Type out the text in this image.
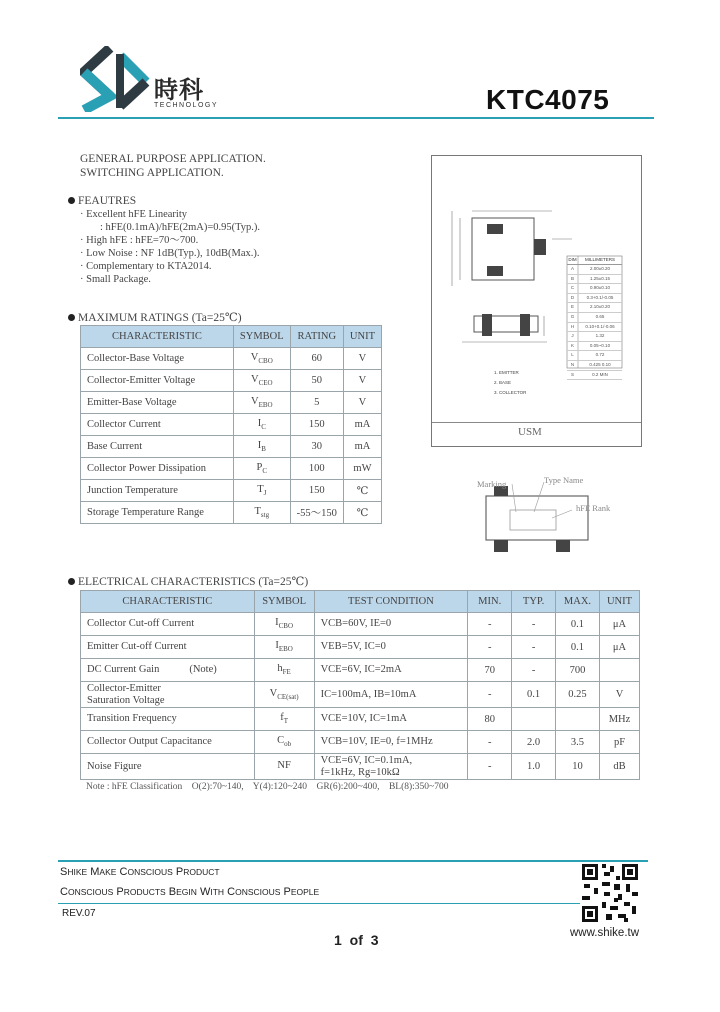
時科
TECHNOLOGY	KTC4075
GENERAL PURPOSE APPLICATION.
SWITCHING APPLICATION.
FEAUTRES
· Excellent hFE Linearity
: hFE(0.1mA)/hFE(2mA)=0.95(Typ.).
· High hFE : hFE=70～700.
· Low Noise : NF 1dB(Typ.), 10dB(Max.).
· Complementary to KTA2014.
· Small Package.
MAXIMUM RATINGS (Ta=25℃)
CHARACTERISTIC	SYMBOL	RATING	UNIT
Collector-Base Voltage	$V_{CBO}$	60	V
Collector-Emitter Voltage	$V_{CEO}$	50	V
Emitter-Base Voltage	$V_{EBO}$	5	V
Collector Current	$I_C$	150	mA
Base Current	$I_B$	30	mA
Collector Power Dissipation	$P_C$	100	mW
Junction Temperature	$T_J$	150	℃
Storage Temperature Range	$T_{stg}$	-55～150	℃
DIM MILLIMETERS
A	2.00±0.20
B	1.25±0.15
C	0.90±0.10
D	0.3+0.1/-0.05
E	2.10±0.20
G	0.65
H	0.10+0.1/-0.06
J	1.32
K	0.05~0.10
L	0.72
N	0.425 0.10
S	0.2 MIN
1. EMITTER
2. BASE
3. COLLECTOR
USM
Marking	Type Name
hFE Rank
ELECTRICAL CHARACTERISTICS (Ta=25℃)
CHARACTERISTIC	SYMBOL	TEST CONDITION	MIN.	TYP.	MAX.	UNIT
Collector Cut-off Current	$I_{CBO}$	VCB=60V, IE=0	-	-	0.1	μA
Emitter Cut-off Current	$I_{EBO}$	VEB=5V, IC=0	-	-	0.1	μA
DC Current Gain (Note)	$h_{FE}$	VCE=6V, IC=2mA	70	-	700	
Collector-Emitter
Saturation Voltage	$V_{CE(sat)}$	IC=100mA, IB=10mA	-	0.1	0.25	V
Transition Frequency	$f_T$	VCE=10V, IC=1mA	80			MHz
Collector Output Capacitance	$C_{ob}$	VCB=10V, IE=0, f=1MHz	-	2.0	3.5	pF
Noise Figure	NF	VCE=6V, IC=0.1mA,
f=1kHz, Rg=10kΩ	-	1.0	10	dB
Note : hFE Classification    O(2):70~140,    Y(4):120~240    GR(6):200~400,    BL(8):350~700
SHIKE MAKE CONSCIOUS PRODUCT
CONSCIOUS PRODUCTS BEGIN WITH CONSCIOUS PEOPLE
REV.07
1 of 3	www.shike.tw
